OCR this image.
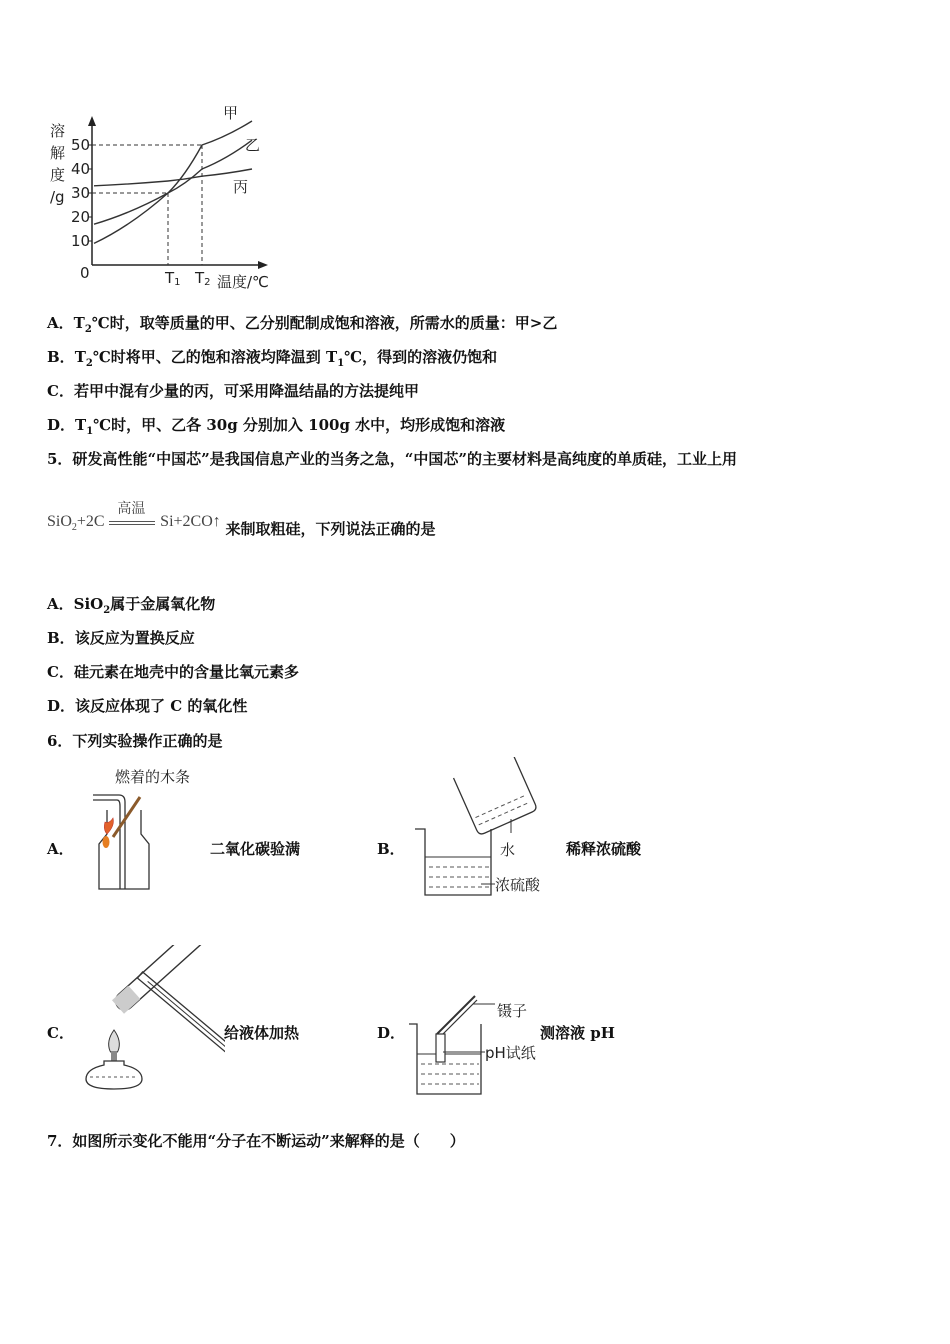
溶
解
度
/g
10
20
30
40
50
0	T1 T2 温度/℃
甲
乙
丙
A．$T_2℃$时，取等质量的甲、乙分别配制成饱和溶液，所需水的质量：甲>乙
B．$T_2℃$时将甲、乙的饱和溶液均降温到 $T_1℃$，得到的溶液仍饱和
C．若甲中混有少量的丙，可采用降温结晶的方法提纯甲
D．$T_1℃$时，甲、乙各 30g 分别加入 100g 水中，均形成饱和溶液
5．研发高性能“中国芯”是我国信息产业的当务之急，“中国芯”的主要材料是高纯度的单质硅，工业上用
SiO$_2$+2C
高温
Si+2CO↑ 来制取粗硅，下列说法正确的是
A．SiO$_2$属于金属氧化物
B．该反应为置换反应
C．硅元素在地壳中的含量比氧元素多
D．该反应体现了 C 的氧化性
6．下列实验操作正确的是
A．
燃着的木条
二氧化碳验满	B．	水
浓硫酸
稀释浓硫酸
C．	给液体加热	D．
镊子
pH试纸
测溶液 pH
7．如图所示变化不能用“分子在不断运动”来解释的是（　　）
